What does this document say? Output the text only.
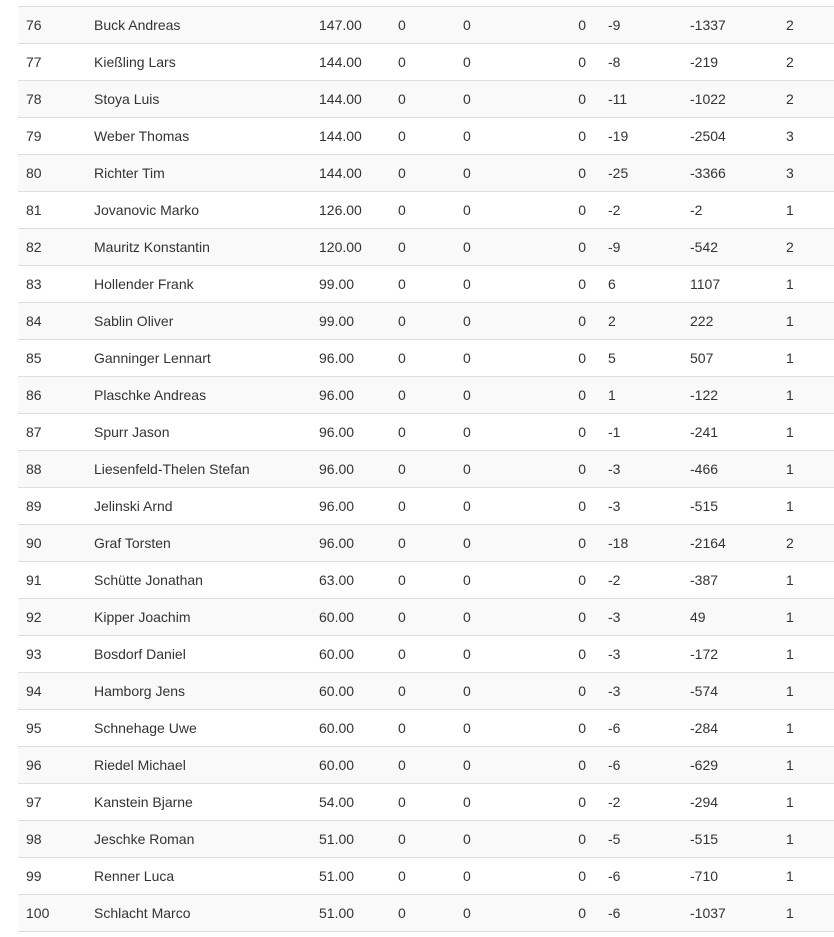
76	Buck Andreas	147.00	0	0	0	-9	-1337	2
77	Kießling Lars	144.00	0	0	0	-8	-219	2
78	Stoya Luis	144.00	0	0	0	-11	-1022	2
79	Weber Thomas	144.00	0	0	0	-19	-2504	3
80	Richter Tim	144.00	0	0	0	-25	-3366	3
81	Jovanovic Marko	126.00	0	0	0	-2	-2	1
82	Mauritz Konstantin	120.00	0	0	0	-9	-542	2
83	Hollender Frank	99.00	0	0	0	6	1107	1
84	Sablin Oliver	99.00	0	0	0	2	222	1
85	Ganninger Lennart	96.00	0	0	0	5	507	1
86	Plaschke Andreas	96.00	0	0	0	1	-122	1
87	Spurr Jason	96.00	0	0	0	-1	-241	1
88	Liesenfeld-Thelen Stefan	96.00	0	0	0	-3	-466	1
89	Jelinski Arnd	96.00	0	0	0	-3	-515	1
90	Graf Torsten	96.00	0	0	0	-18	-2164	2
91	Schütte Jonathan	63.00	0	0	0	-2	-387	1
92	Kipper Joachim	60.00	0	0	0	-3	49	1
93	Bosdorf Daniel	60.00	0	0	0	-3	-172	1
94	Hamborg Jens	60.00	0	0	0	-3	-574	1
95	Schnehage Uwe	60.00	0	0	0	-6	-284	1
96	Riedel Michael	60.00	0	0	0	-6	-629	1
97	Kanstein Bjarne	54.00	0	0	0	-2	-294	1
98	Jeschke Roman	51.00	0	0	0	-5	-515	1
99	Renner Luca	51.00	0	0	0	-6	-710	1
100	Schlacht Marco	51.00	0	0	0	-6	-1037	1
